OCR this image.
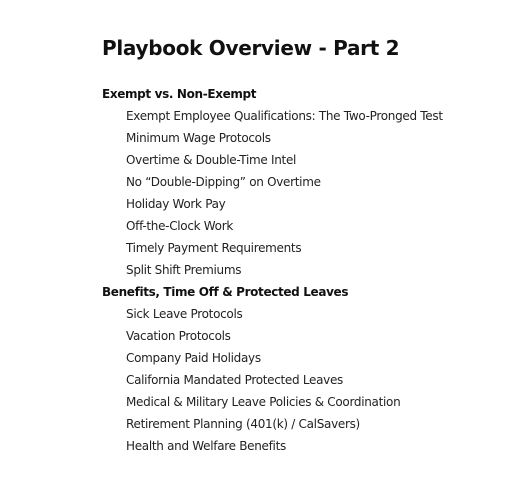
Playbook Overview - Part 2
Exempt vs. Non-Exempt
Exempt Employee Qualifications: The Two-Pronged Test
Minimum Wage Protocols
Overtime & Double-Time Intel
No “Double-Dipping” on Overtime
Holiday Work Pay
Off-the-Clock Work
Timely Payment Requirements
Split Shift Premiums
Benefits, Time Off & Protected Leaves
Sick Leave Protocols
Vacation Protocols
Company Paid Holidays
California Mandated Protected Leaves
Medical & Military Leave Policies & Coordination
Retirement Planning (401(k) / CalSavers)
Health and Welfare Benefits
